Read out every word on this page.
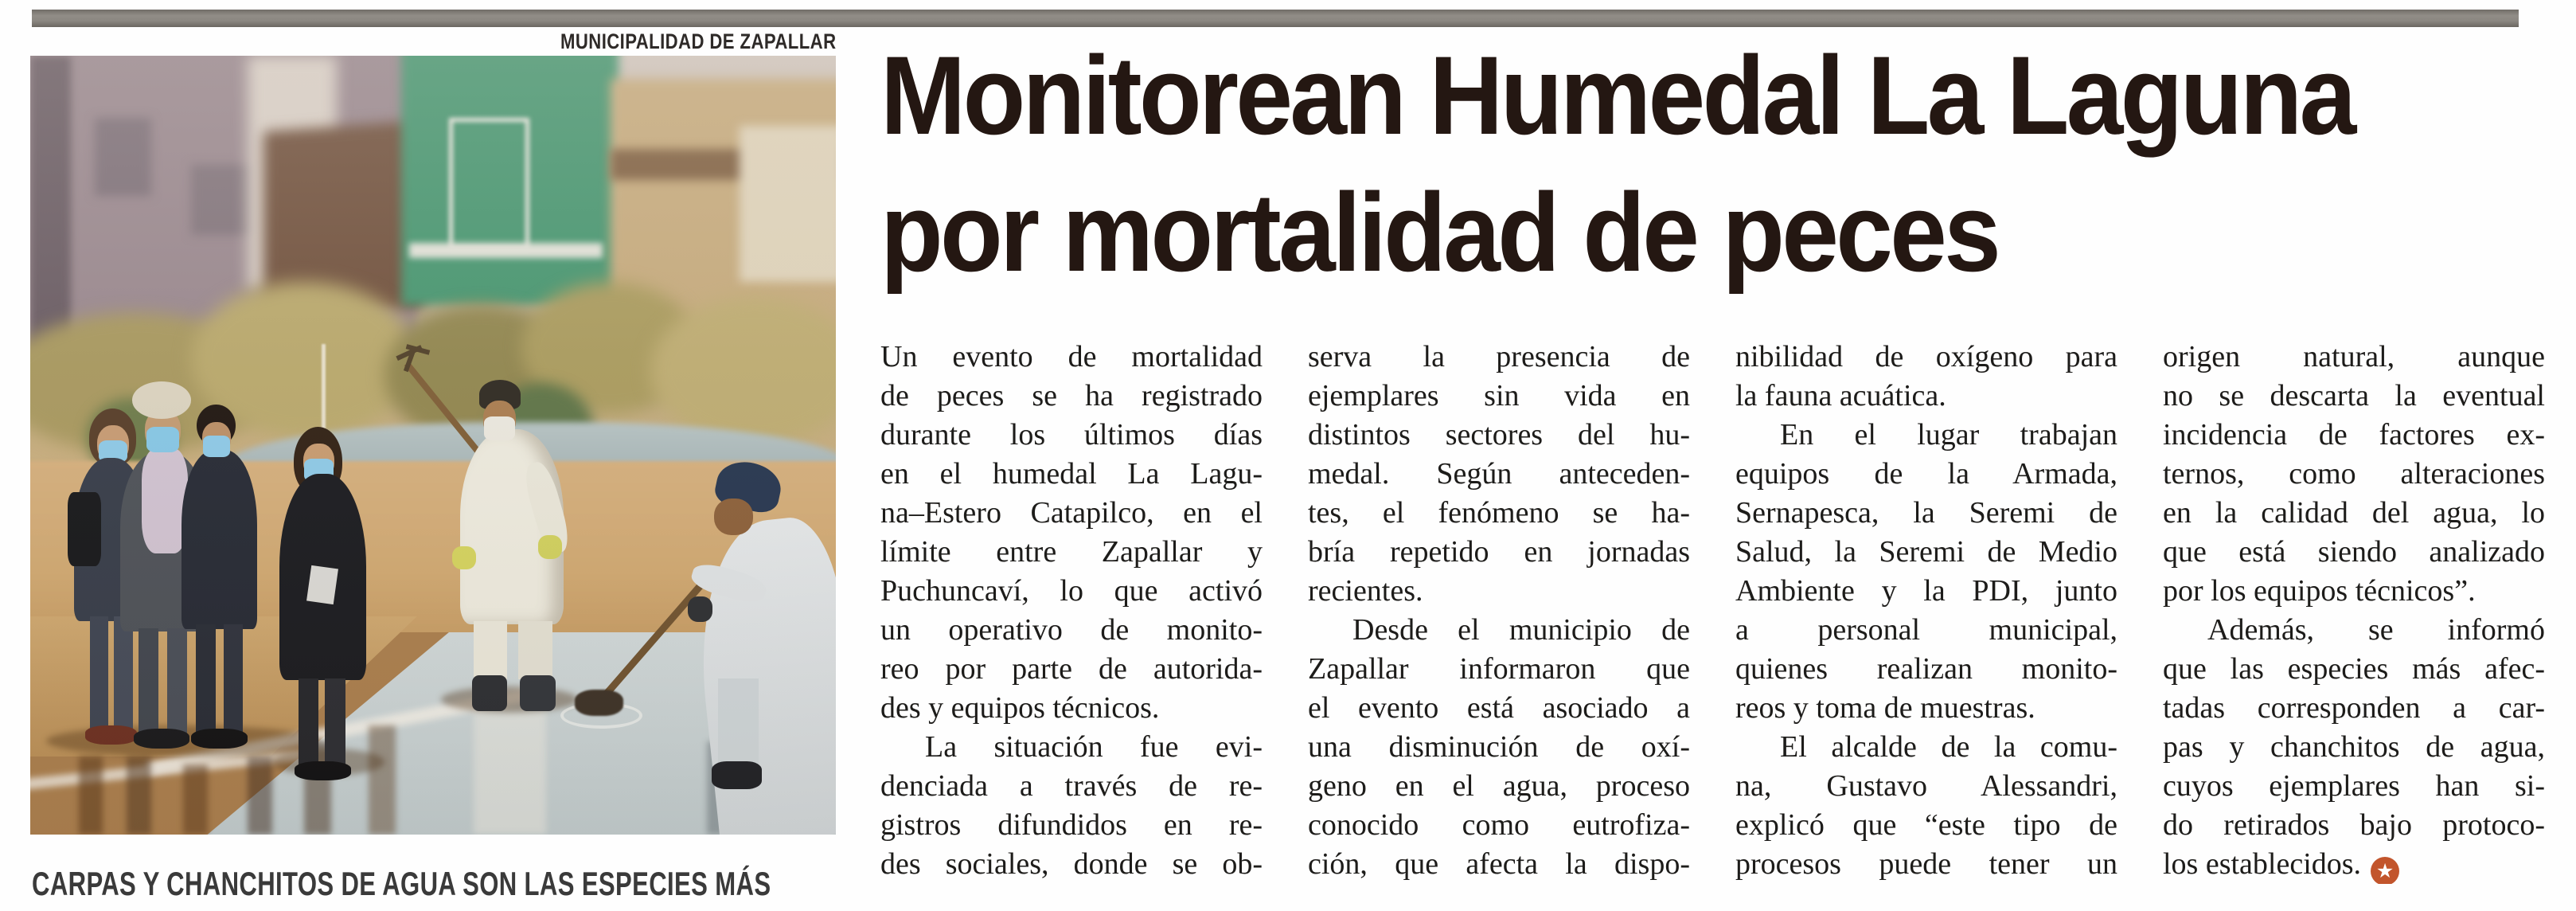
MUNICIPALIDAD DE ZAPALLAR
CARPAS Y CHANCHITOS DE AGUA SON LAS ESPECIES MÁS
Monitorean Humedal La Laguna
por mortalidad de peces
Un evento de mortalidad
de peces se ha registrado
durante los últimos días
en el humedal La Lagu-
na–Estero Catapilco, en el
límite entre Zapallar y
Puchuncaví, lo que activó
un operativo de monito-
reo por parte de autorida-
des y equipos técnicos.
La situación fue evi-
denciada a través de re-
gistros difundidos en re-
des sociales, donde se ob-
serva la presencia de
ejemplares sin vida en
distintos sectores del hu-
medal. Según anteceden-
tes, el fenómeno se ha-
bría repetido en jornadas
recientes.
Desde el municipio de
Zapallar informaron que
el evento está asociado a
una disminución de oxí-
geno en el agua, proceso
conocido como eutrofiza-
ción, que afecta la dispo-
nibilidad de oxígeno para
la fauna acuática.
En el lugar trabajan
equipos de la Armada,
Sernapesca, la Seremi de
Salud, la Seremi de Medio
Ambiente y la PDI, junto
a personal municipal,
quienes realizan monito-
reos y toma de muestras.
El alcalde de la comu-
na, Gustavo Alessandri,
explicó que “este tipo de
procesos puede tener un
origen natural, aunque
no se descarta la eventual
incidencia de factores ex-
ternos, como alteraciones
en la calidad del agua, lo
que está siendo analizado
por los equipos técnicos”.
Además, se informó
que las especies más afec-
tadas corresponden a car-
pas y chanchitos de agua,
cuyos ejemplares han si-
do retirados bajo protoco-
los establecidos. ★
